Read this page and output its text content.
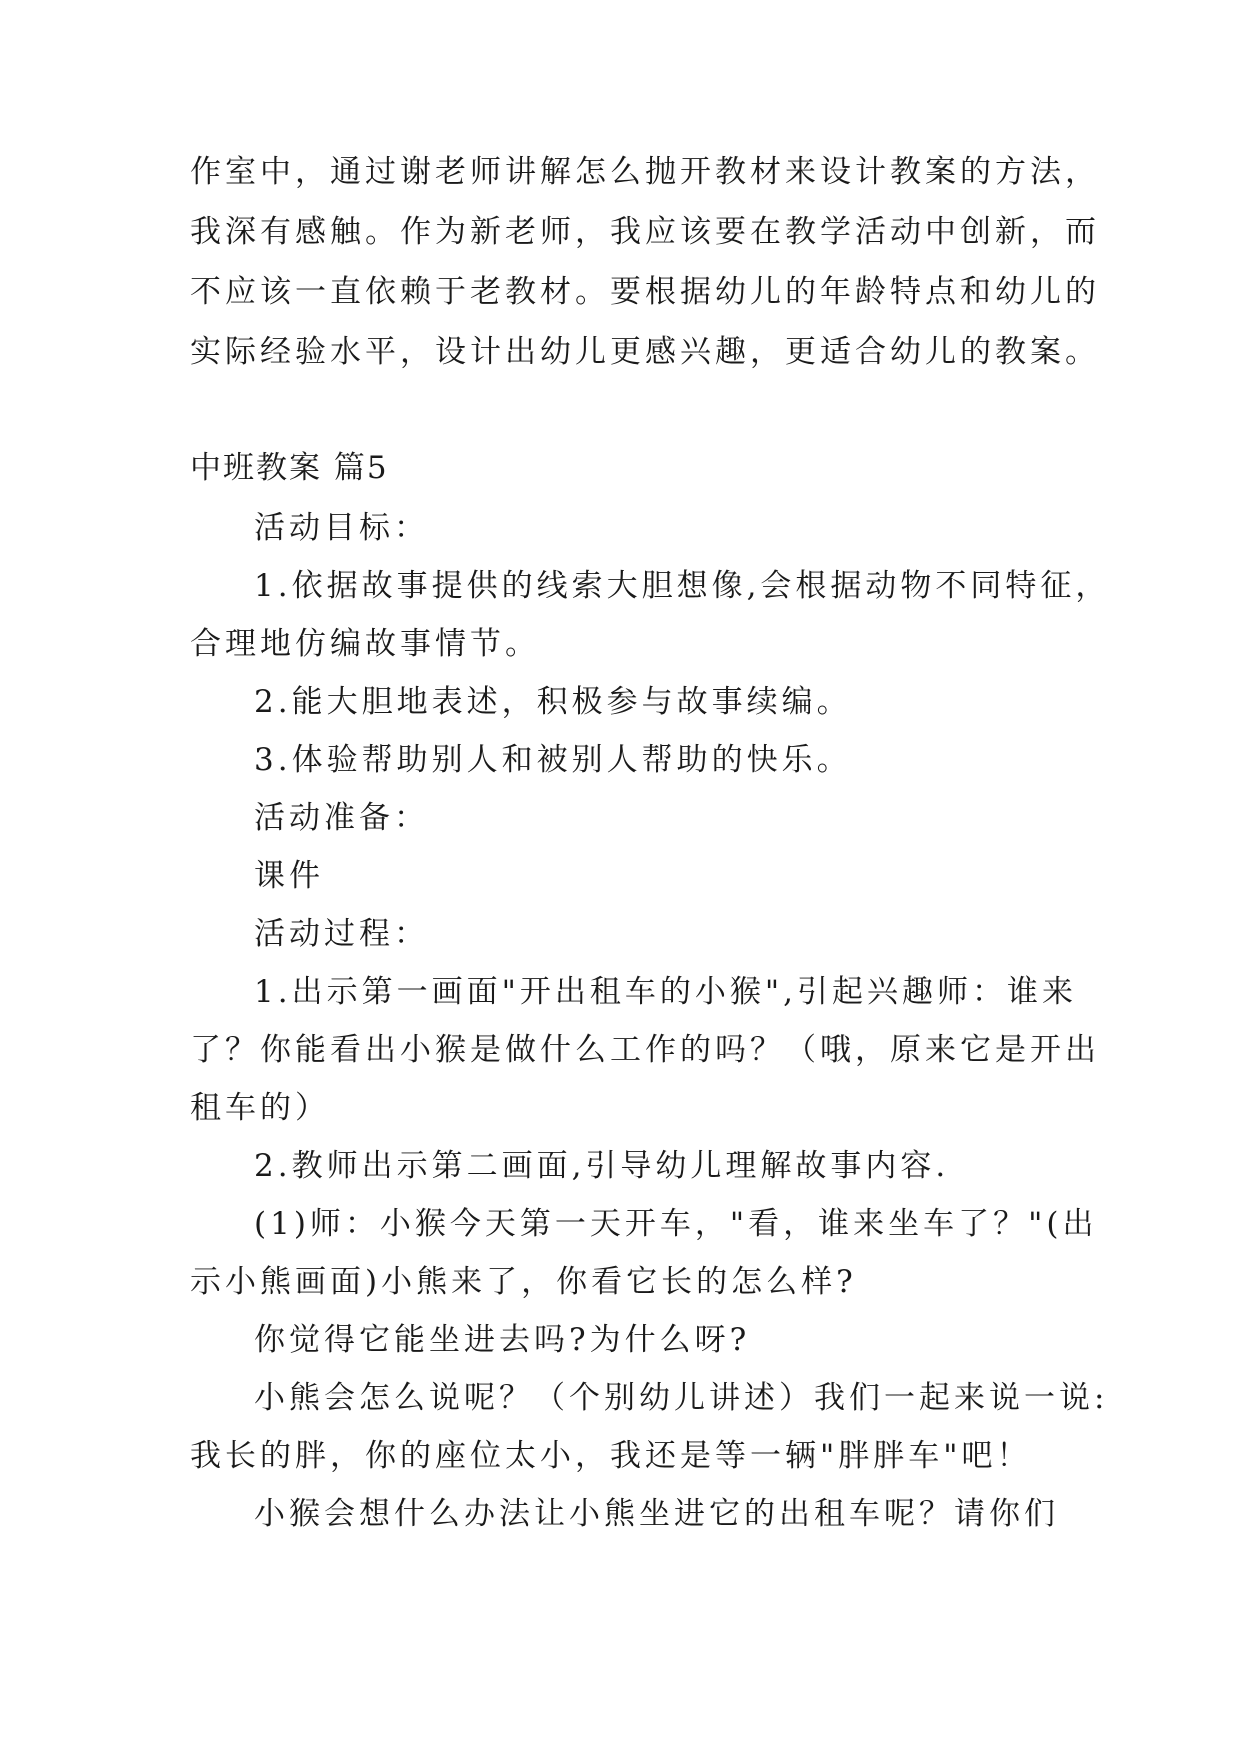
作室中，通过谢老师讲解怎么抛开教材来设计教案的方法，
我深有感触。作为新老师，我应该要在教学活动中创新，而
不应该一直依赖于老教材。要根据幼儿的年龄特点和幼儿的
实际经验水平，设计出幼儿更感兴趣，更适合幼儿的教案。
中班教案 篇5
活动目标：
1.依据故事提供的线索大胆想像,会根据动物不同特征，
合理地仿编故事情节。
2.能大胆地表述，积极参与故事续编。
3.体验帮助别人和被别人帮助的快乐。
活动准备：
课件
活动过程：
1.出示第一画面"开出租车的小猴",引起兴趣师：谁来
了？你能看出小猴是做什么工作的吗？（哦，原来它是开出
租车的）
2.教师出示第二画面,引导幼儿理解故事内容.
(1)师：小猴今天第一天开车，"看，谁来坐车了？"(出
示小熊画面)小熊来了，你看它长的怎么样?
你觉得它能坐进去吗?为什么呀?
小熊会怎么说呢？（个别幼儿讲述）我们一起来说一说:
我长的胖，你的座位太小，我还是等一辆"胖胖车"吧！
小猴会想什么办法让小熊坐进它的出租车呢？请你们
